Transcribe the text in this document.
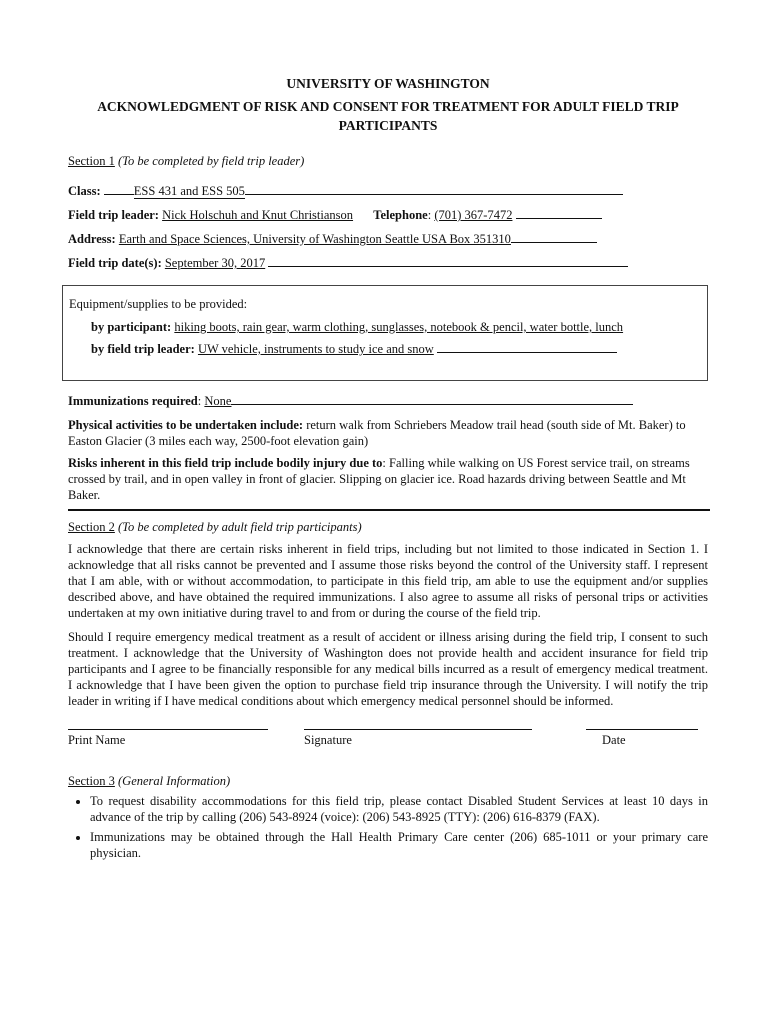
UNIVERSITY OF WASHINGTON
ACKNOWLEDGMENT OF RISK AND CONSENT FOR TREATMENT FOR ADULT FIELD TRIP PARTICIPANTS
Section 1 (To be completed by field trip leader)
Class:	ESS 431 and ESS 505
Field trip leader: Nick Holschuh and Knut Christianson Telephone: (701) 367-7472
Address: Earth and Space Sciences, University of Washington Seattle USA Box 351310
Field trip date(s): September 30, 2017
Equipment/supplies to be provided:
by participant: hiking boots, rain gear, warm clothing, sunglasses, notebook & pencil, water bottle, lunch
by field trip leader: UW vehicle, instruments to study ice and snow
Immunizations required: None

Physical activities to be undertaken include: return walk from Schriebers Meadow trail head (south side of Mt. Baker) to Easton Glacier (3 miles each way, 2500-foot elevation gain)

Risks inherent in this field trip include bodily injury due to: Falling while walking on US Forest service trail, on streams crossed by trail, and in open valley in front of glacier. Slipping on glacier ice. Road hazards driving between Seattle and Mt Baker.

Section 2 (To be completed by adult field trip participants)

I acknowledge that there are certain risks inherent in field trips, including but not limited to those indicated in Section 1. I acknowledge that all risks cannot be prevented and I assume those risks beyond the control of the University staff. I represent that I am able, with or without accommodation, to participate in this field trip, am able to use the equipment and/or supplies described above, and have obtained the required immunizations. I also agree to assume all risks of personal trips or activities undertaken at my own initiative during travel to and from or during the course of the field trip.

Should I require emergency medical treatment as a result of accident or illness arising during the field trip, I consent to such treatment. I acknowledge that the University of Washington does not provide health and accident insurance for field trip participants and I agree to be financially responsible for any medical bills incurred as a result of emergency medical treatment. I acknowledge that I have been given the option to purchase field trip insurance through the University. I will notify the trip leader in writing if I have medical conditions about which emergency medical personnel should be informed.

Print Name	Signature	Date
Section 3 (General Information)
• To request disability accommodations for this field trip, please contact Disabled Student Services at least 10 days in advance of the trip by calling (206) 543-8924 (voice): (206) 543-8925 (TTY): (206) 616-8379 (FAX).
• Immunizations may be obtained through the Hall Health Primary Care center (206) 685-1011 or your primary care physician.
